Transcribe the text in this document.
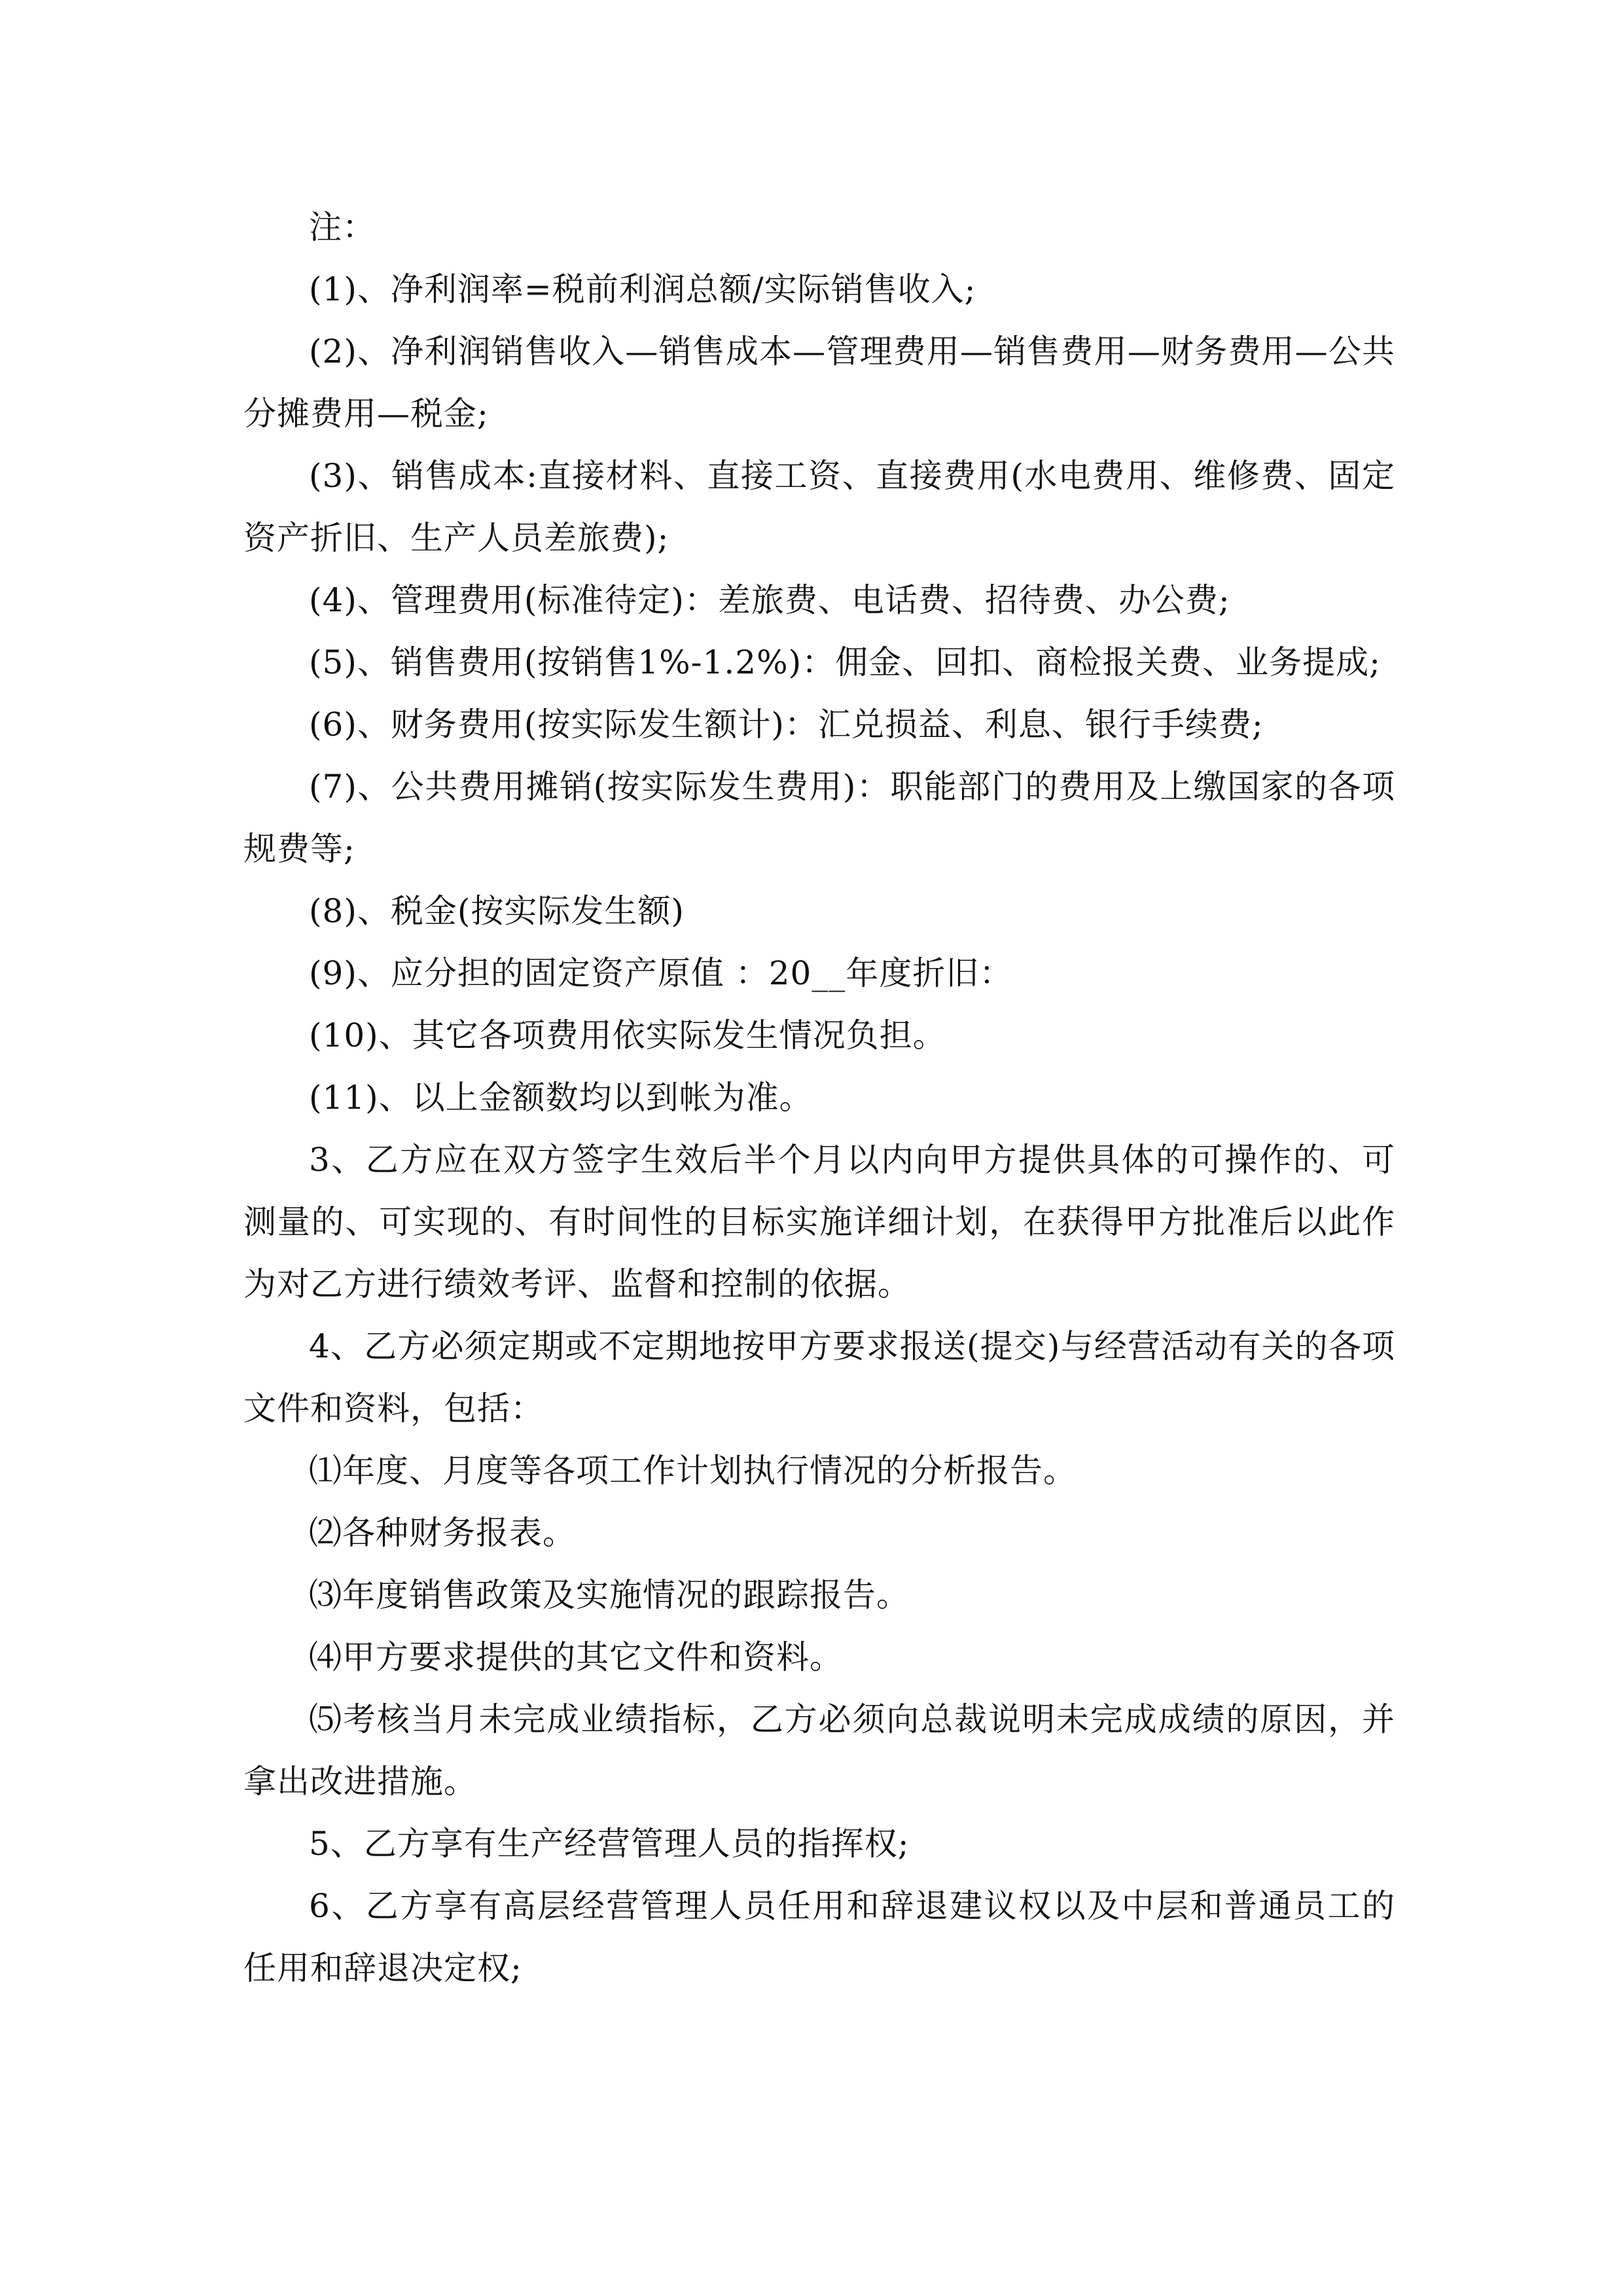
注：

(1)、净利润率=税前利润总额/实际销售收入;

(2)、净利润销售收入—销售成本—管理费用—销售费用—财务费用—公共分摊费用—税金;

(3)、销售成本:直接材料、直接工资、直接费用(水电费用、维修费、固定资产折旧、生产人员差旅费);

(4)、管理费用(标准待定)：差旅费、电话费、招待费、办公费;

(5)、销售费用(按销售1%-1.2%)：佣金、回扣、商检报关费、业务提成;

(6)、财务费用(按实际发生额计)：汇兑损益、利息、银行手续费;

(7)、公共费用摊销(按实际发生费用)：职能部门的费用及上缴国家的各项规费等;

(8)、税金(按实际发生额)

(9)、应分担的固定资产原值 ：20__年度折旧：

(10)、其它各项费用依实际发生情况负担。

(11)、以上金额数均以到帐为准。

3、乙方应在双方签字生效后半个月以内向甲方提供具体的可操作的、可测量的、可实现的、有时间性的目标实施详细计划，在获得甲方批准后以此作为对乙方进行绩效考评、监督和控制的依据。

4、乙方必须定期或不定期地按甲方要求报送(提交)与经营活动有关的各项文件和资料，包括：

⑴年度、月度等各项工作计划执行情况的分析报告。

⑵各种财务报表。

⑶年度销售政策及实施情况的跟踪报告。

⑷甲方要求提供的其它文件和资料。

⑸考核当月未完成业绩指标，乙方必须向总裁说明未完成成绩的原因，并拿出改进措施。

5、乙方享有生产经营管理人员的指挥权;

6、乙方享有高层经营管理人员任用和辞退建议权以及中层和普通员工的任用和辞退决定权;
